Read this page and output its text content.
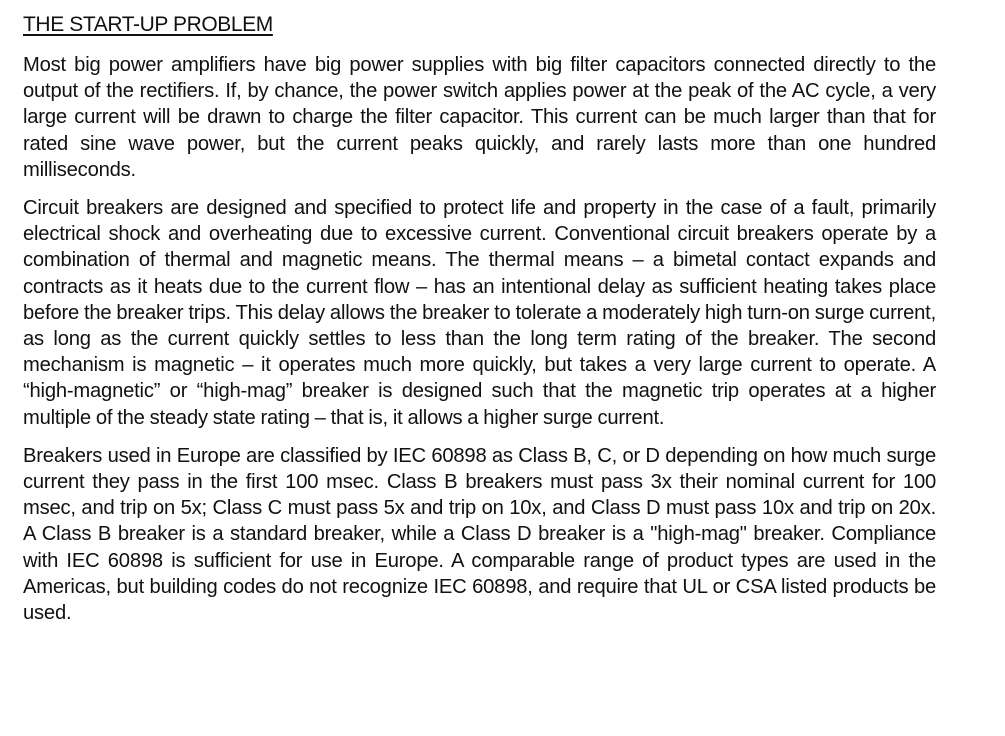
THE START-UP PROBLEM

Most big power amplifiers have big power supplies with big filter capacitors connected directly to the output of the rectifiers. If, by chance, the power switch applies power at the peak of the AC cycle, a very large current will be drawn to charge the filter capacitor. This current can be much larger than that for rated sine wave power, but the current peaks quickly, and rarely lasts more than one hundred milliseconds.

Circuit breakers are designed and specified to protect life and property in the case of a fault, primarily electrical shock and overheating due to excessive current. Conventional circuit breakers operate by a combination of thermal and magnetic means. The thermal means – a bimetal contact expands and contracts as it heats due to the current flow – has an intentional delay as sufficient heating takes place before the breaker trips. This delay allows the breaker to tolerate a moderately high turn-on surge current, as long as the current quickly settles to less than the long term rating of the breaker. The second mechanism is magnetic – it operates much more quickly, but takes a very large current to operate. A “high-magnetic” or “high-mag” breaker is designed such that the magnetic trip operates at a higher multiple of the steady state rating – that is, it allows a higher surge current.

Breakers used in Europe are classified by IEC 60898 as Class B, C, or D depending on how much surge current they pass in the first 100 msec. Class B breakers must pass 3x their nominal current for 100 msec, and trip on 5x; Class C must pass 5x and trip on 10x, and Class D must pass 10x and trip on 20x. A Class B breaker is a standard breaker, while a Class D breaker is a "high-mag" breaker. Compliance with IEC 60898 is sufficient for use in Europe. A comparable range of product types are used in the Americas, but building codes do not recognize IEC 60898, and require that UL or CSA listed products be used.
